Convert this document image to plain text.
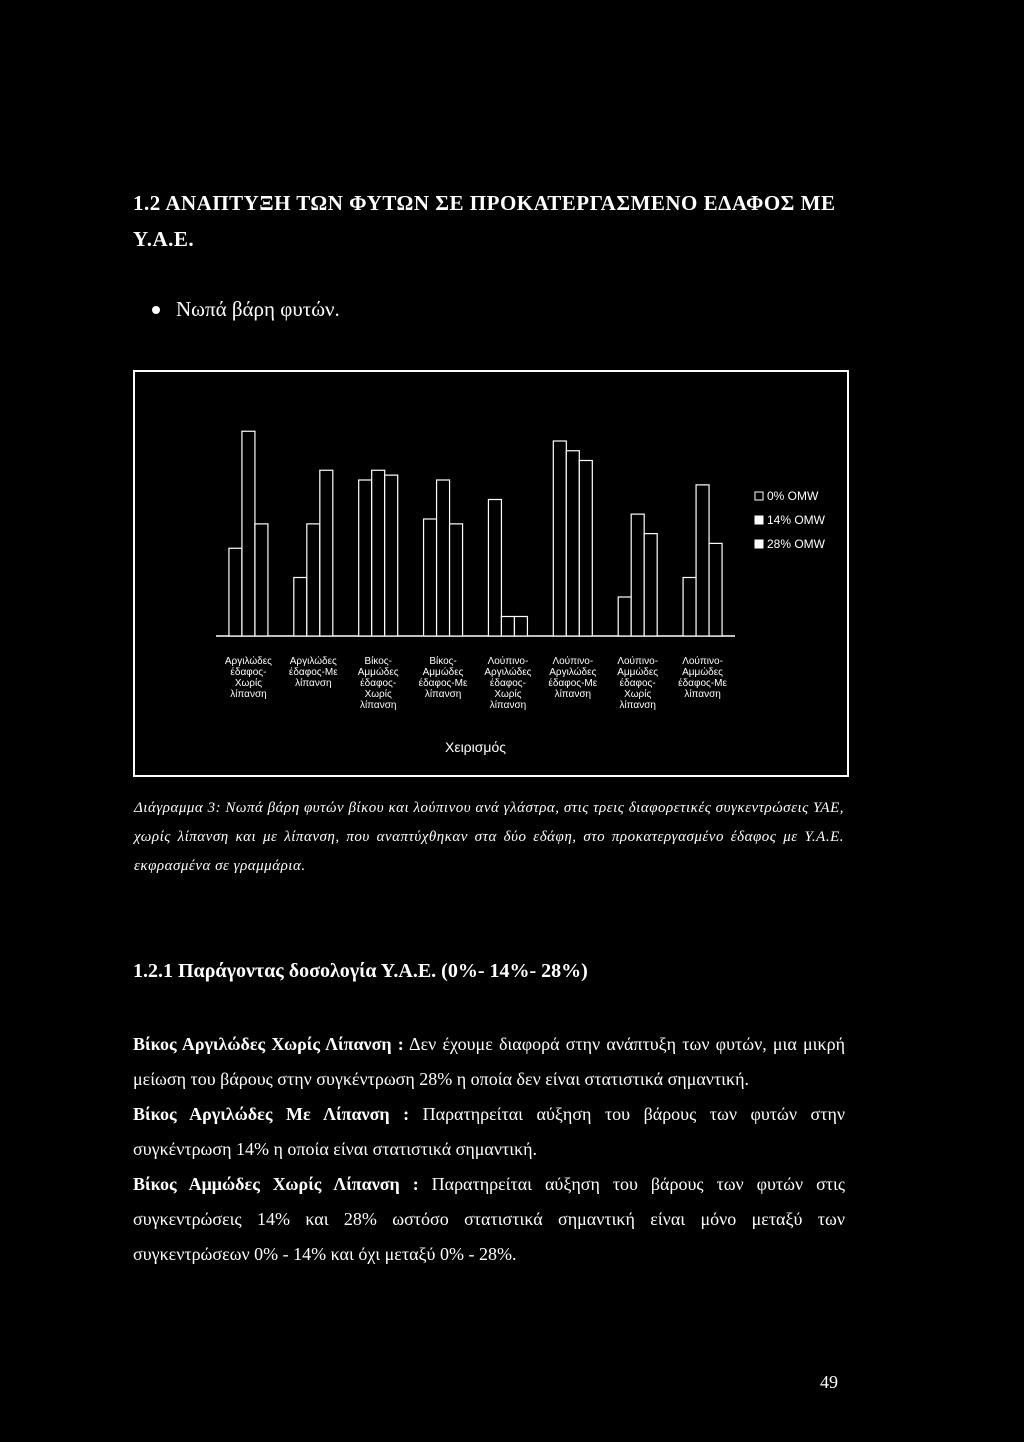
1.2 ΑΝΑΠΤΥΞΗ ΤΩΝ ΦΥΤΩΝ ΣΕ ΠΡΟΚΑΤΕΡΓΑΣΜΕΝΟ ΕΔΑΦΟΣ ΜΕ Υ.Α.Ε.
Νωπά βάρη φυτών.
Αργιλώδες έδαφος-Χωρίς λίπανση
Αργιλώδες έδαφος-Με λίπανση
Βίκος-Αμμώδες έδαφος-Χωρίς λίπανση
Βίκος-Αμμώδες έδαφος-Με λίπανση
Λούπινο-Αργιλώδες έδαφος-Χωρίς λίπανση
Λούπινο-Αργιλώδες έδαφος-Με λίπανση
Λούπινο-Αμμώδες έδαφος-Χωρίς λίπανση
Λούπινο-Αμμώδες έδαφος-Με λίπανση
Χειρισμός
0% OMW
14% OMW
28% OMW

Διάγραμμα 3: Νωπά βάρη φυτών βίκου και λούπινου ανά γλάστρα, στις τρεις διαφορετικές συγκεντρώσεις ΥΑΕ, χωρίς λίπανση και με λίπανση, που αναπτύχθηκαν στα δύο εδάφη, στο προκατεργασμένο έδαφος με Υ.Α.Ε. εκφρασμένα σε γραμμάρια.

1.2.1 Παράγοντας δοσολογία Υ.Α.Ε. (0%- 14%- 28%)

Βίκος Αργιλώδες Χωρίς Λίπανση : Δεν έχουμε διαφορά στην ανάπτυξη των φυτών, μια μικρή μείωση του βάρους στην συγκέντρωση 28% η οποία δεν είναι στατιστικά σημαντική.

Βίκος Αργιλώδες Με Λίπανση : Παρατηρείται αύξηση του βάρους των φυτών στην συγκέντρωση 14% η οποία είναι στατιστικά σημαντική.

Βίκος Αμμώδες Χωρίς Λίπανση : Παρατηρείται αύξηση του βάρους των φυτών στις συγκεντρώσεις 14% και 28% ωστόσο στατιστικά σημαντική είναι μόνο μεταξύ των συγκεντρώσεων 0% - 14% και όχι μεταξύ 0% - 28%.

49
